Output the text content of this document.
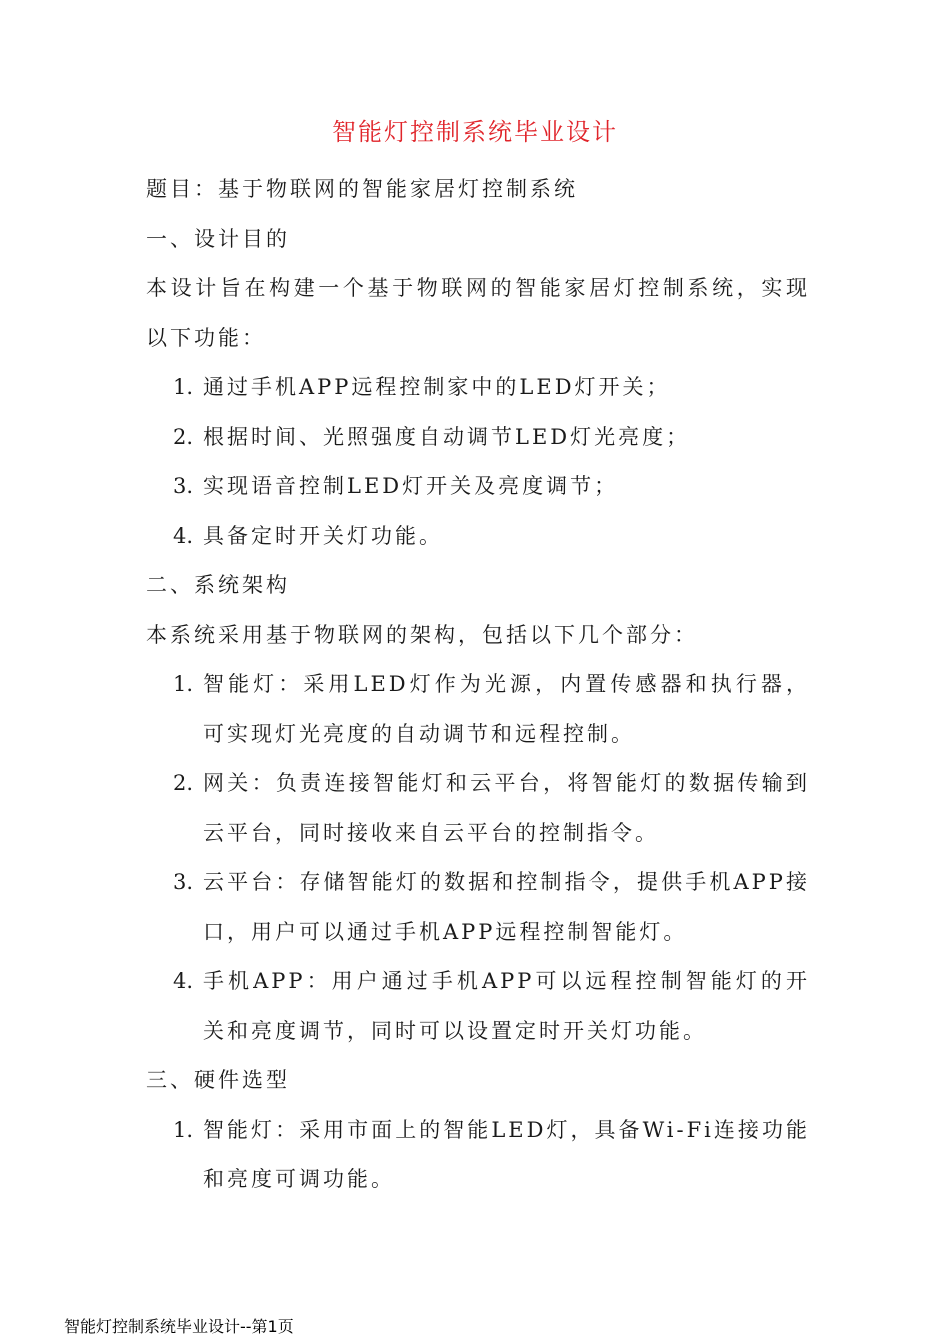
智能灯控制系统毕业设计

题目：基于物联网的智能家居灯控制系统

一、设计目的

本设计旨在构建一个基于物联网的智能家居灯控制系统，实现以下功能：

1. 通过手机APP远程控制家中的LED灯开关；
2. 根据时间、光照强度自动调节LED灯光亮度；
3. 实现语音控制LED灯开关及亮度调节；
4. 具备定时开关灯功能。

二、系统架构

本系统采用基于物联网的架构，包括以下几个部分：

1. 智能灯：采用LED灯作为光源，内置传感器和执行器，可实现灯光亮度的自动调节和远程控制。
2. 网关：负责连接智能灯和云平台，将智能灯的数据传输到云平台，同时接收来自云平台的控制指令。
3. 云平台：存储智能灯的数据和控制指令，提供手机APP接口，用户可以通过手机APP远程控制智能灯。
4. 手机APP：用户通过手机APP可以远程控制智能灯的开关和亮度调节，同时可以设置定时开关灯功能。

三、硬件选型

1. 智能灯：采用市面上的智能LED灯，具备Wi-Fi连接功能和亮度可调功能。
智能灯控制系统毕业设计--第1页
